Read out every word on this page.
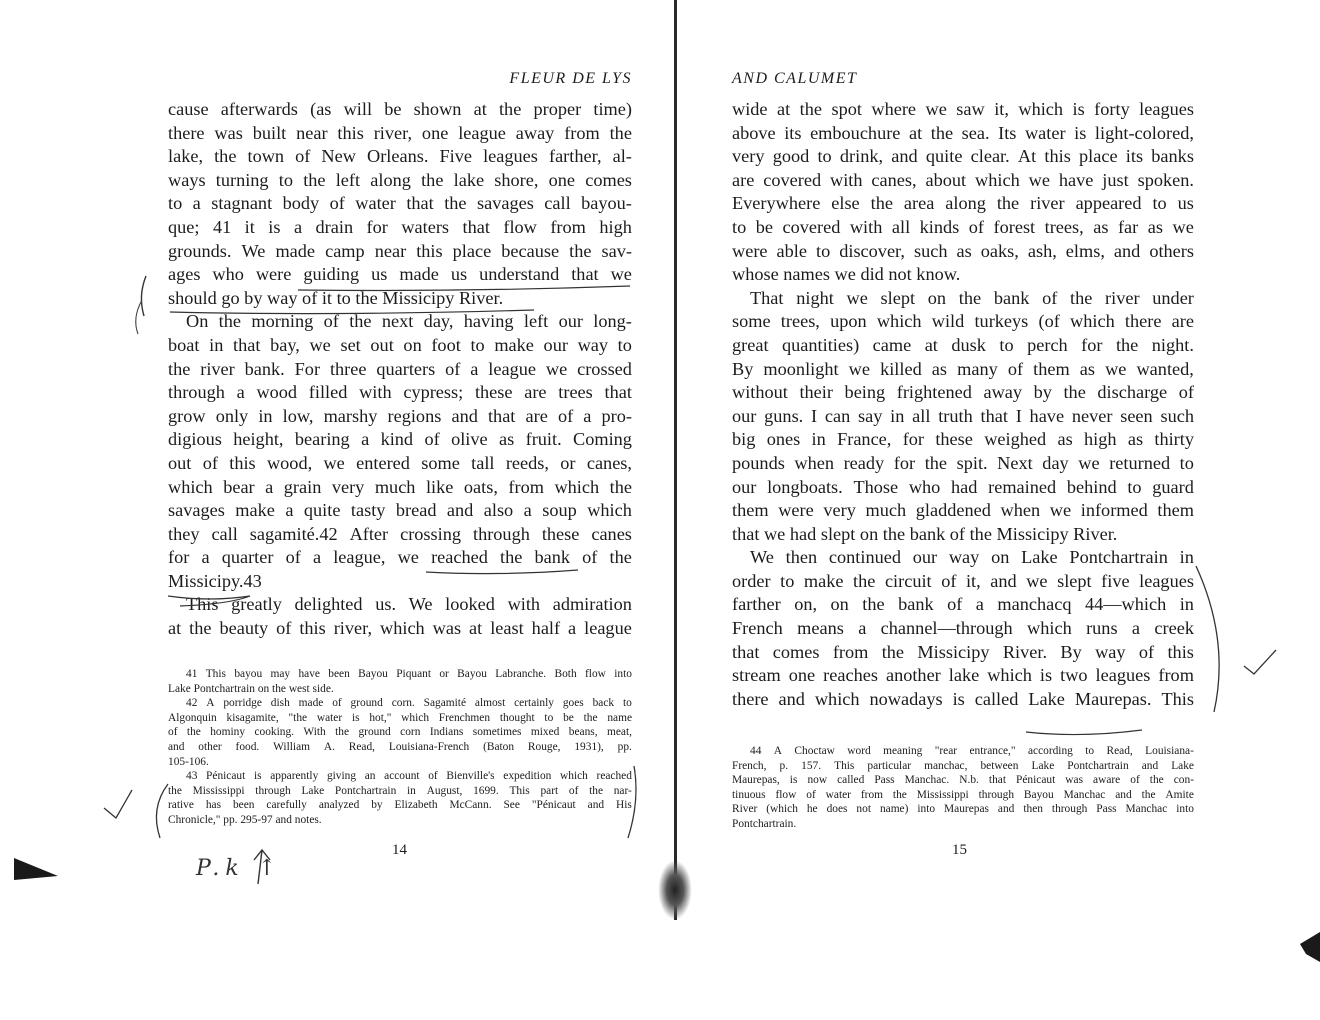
FLEUR DE LYS
cause afterwards (as will be shown at the proper time)
there was built near this river, one league away from the
lake, the town of New Orleans. Five leagues farther, al-
ways turning to the left along the lake shore, one comes
to a stagnant body of water that the savages call bayou-
que; 41 it is a drain for waters that flow from high
grounds. We made camp near this place because the sav-
ages who were guiding us made us understand that we
should go by way of it to the Missicipy River.
On the morning of the next day, having left our long-
boat in that bay, we set out on foot to make our way to
the river bank. For three quarters of a league we crossed
through a wood filled with cypress; these are trees that
grow only in low, marshy regions and that are of a pro-
digious height, bearing a kind of olive as fruit. Coming
out of this wood, we entered some tall reeds, or canes,
which bear a grain very much like oats, from which the
savages make a quite tasty bread and also a soup which
they call sagamité.42 After crossing through these canes
for a quarter of a league, we reached the bank of the
Missicipy.43
This greatly delighted us. We looked with admiration
at the beauty of this river, which was at least half a league
41 This bayou may have been Bayou Piquant or Bayou Labranche. Both flow into
Lake Pontchartrain on the west side.
42 A porridge dish made of ground corn. Sagamité almost certainly goes back to
Algonquin kisagamite, "the water is hot," which Frenchmen thought to be the name
of the hominy cooking. With the ground corn Indians sometimes mixed beans, meat,
and other food. William A. Read, Louisiana-French (Baton Rouge, 1931), pp.
105-106.
43 Pénicaut is apparently giving an account of Bienville's expedition which reached
the Mississippi through Lake Pontchartrain in August, 1699. This part of the nar-
rative has been carefully analyzed by Elizabeth McCann. See "Pénicaut and His
Chronicle," pp. 295-97 and notes.
14
AND CALUMET
wide at the spot where we saw it, which is forty leagues
above its embouchure at the sea. Its water is light-colored,
very good to drink, and quite clear. At this place its banks
are covered with canes, about which we have just spoken.
Everywhere else the area along the river appeared to us
to be covered with all kinds of forest trees, as far as we
were able to discover, such as oaks, ash, elms, and others
whose names we did not know.
That night we slept on the bank of the river under
some trees, upon which wild turkeys (of which there are
great quantities) came at dusk to perch for the night.
By moonlight we killed as many of them as we wanted,
without their being frightened away by the discharge of
our guns. I can say in all truth that I have never seen such
big ones in France, for these weighed as high as thirty
pounds when ready for the spit. Next day we returned to
our longboats. Those who had remained behind to guard
them were very much gladdened when we informed them
that we had slept on the bank of the Missicipy River.
We then continued our way on Lake Pontchartrain in
order to make the circuit of it, and we slept five leagues
farther on, on the bank of a manchacq 44—which in
French means a channel—through which runs a creek
that comes from the Missicipy River. By way of this
stream one reaches another lake which is two leagues from
there and which nowadays is called Lake Maurepas. This
44 A Choctaw word meaning "rear entrance," according to Read, Louisiana-
French, p. 157. This particular manchac, between Lake Pontchartrain and Lake
Maurepas, is now called Pass Manchac. N.b. that Pénicaut was aware of the con-
tinuous flow of water from the Mississippi through Bayou Manchac and the Amite
River (which he does not name) into Maurepas and then through Pass Manchac into
Pontchartrain.
15
P.k ↑
